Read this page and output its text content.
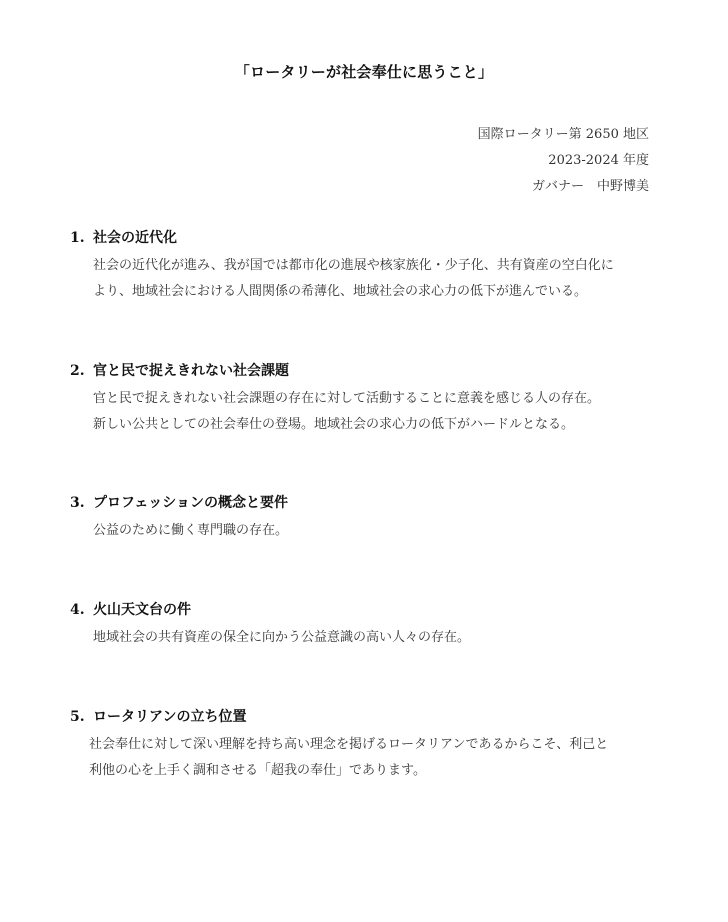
「ロータリーが社会奉仕に思うこと」
国際ロータリー第 2650 地区
2023-2024 年度
ガバナー　中野博美
1. 社会の近代化
社会の近代化が進み、我が国では都市化の進展や核家族化・少子化、共有資産の空白化に
より、地域社会における人間関係の希薄化、地域社会の求心力の低下が進んでいる。
2. 官と民で捉えきれない社会課題
官と民で捉えきれない社会課題の存在に対して活動することに意義を感じる人の存在。
新しい公共としての社会奉仕の登場。地域社会の求心力の低下がハードルとなる。
3. プロフェッションの概念と要件
公益のために働く専門職の存在。
4. 火山天文台の件
地域社会の共有資産の保全に向かう公益意識の高い人々の存在。
5. ロータリアンの立ち位置
社会奉仕に対して深い理解を持ち高い理念を掲げるロータリアンであるからこそ、利己と
利他の心を上手く調和させる「超我の奉仕」であります。
